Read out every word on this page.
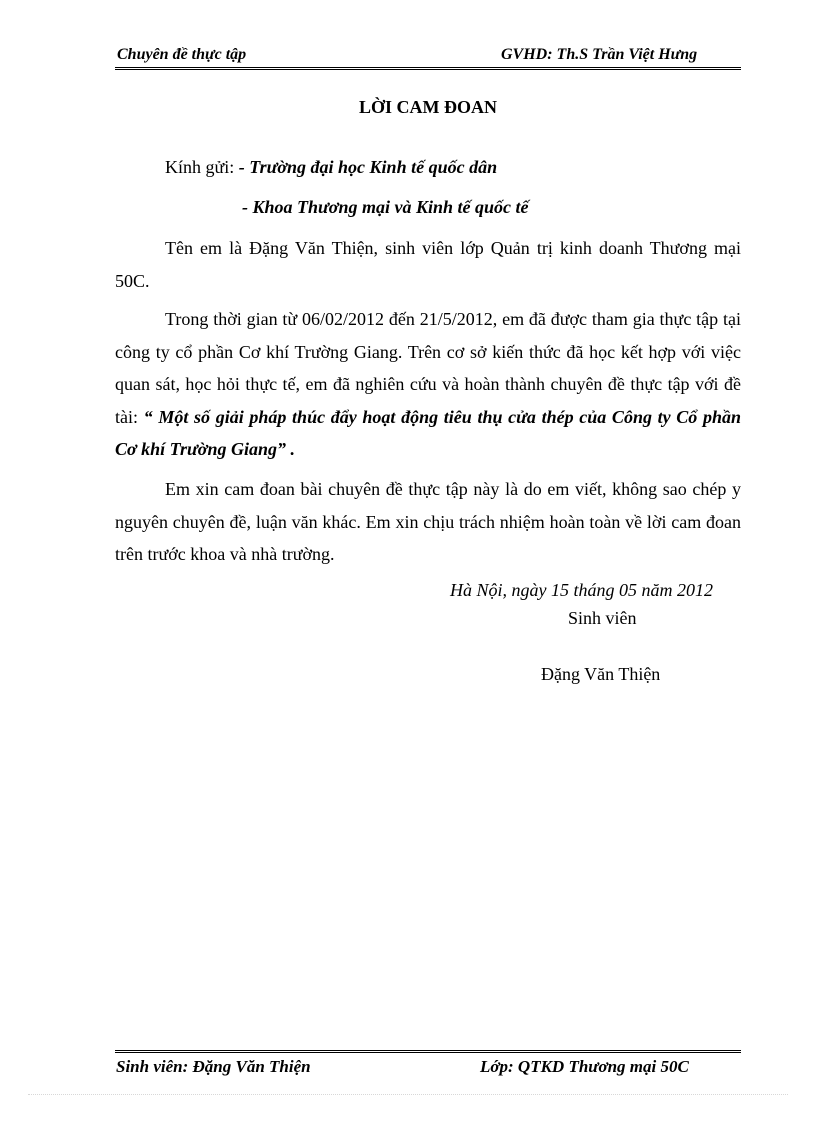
Chuyên đề thực tập	GVHD: Th.S Trần Việt Hưng
LỜI CAM ĐOAN
Kính gửi: - Trường đại học Kinh tế quốc dân
- Khoa Thương mại và Kinh tế quốc tế
Tên em là Đặng Văn Thiện, sinh viên lớp Quản trị kinh doanh Thương mại 50C.
Trong thời gian từ 06/02/2012 đến 21/5/2012, em đã được tham gia thực tập tại công ty cổ phần Cơ khí Trường Giang. Trên cơ sở kiến thức đã học kết hợp với việc quan sát, học hỏi thực tế, em đã nghiên cứu và hoàn thành chuyên đề thực tập với đề tài: “ Một số giải pháp thúc đẩy hoạt động tiêu thụ cửa thép của Công ty Cổ phần Cơ khí Trường Giang” .
Em xin cam đoan bài chuyên đề thực tập này là do em viết, không sao chép y nguyên chuyên đề, luận văn khác. Em xin chịu trách nhiệm hoàn toàn về lời cam đoan trên trước khoa và nhà trường.
Hà Nội, ngày 15 tháng 05 năm 2012
Sinh viên
Đặng Văn Thiện
Sinh viên: Đặng Văn Thiện	Lớp: QTKD Thương mại 50C
